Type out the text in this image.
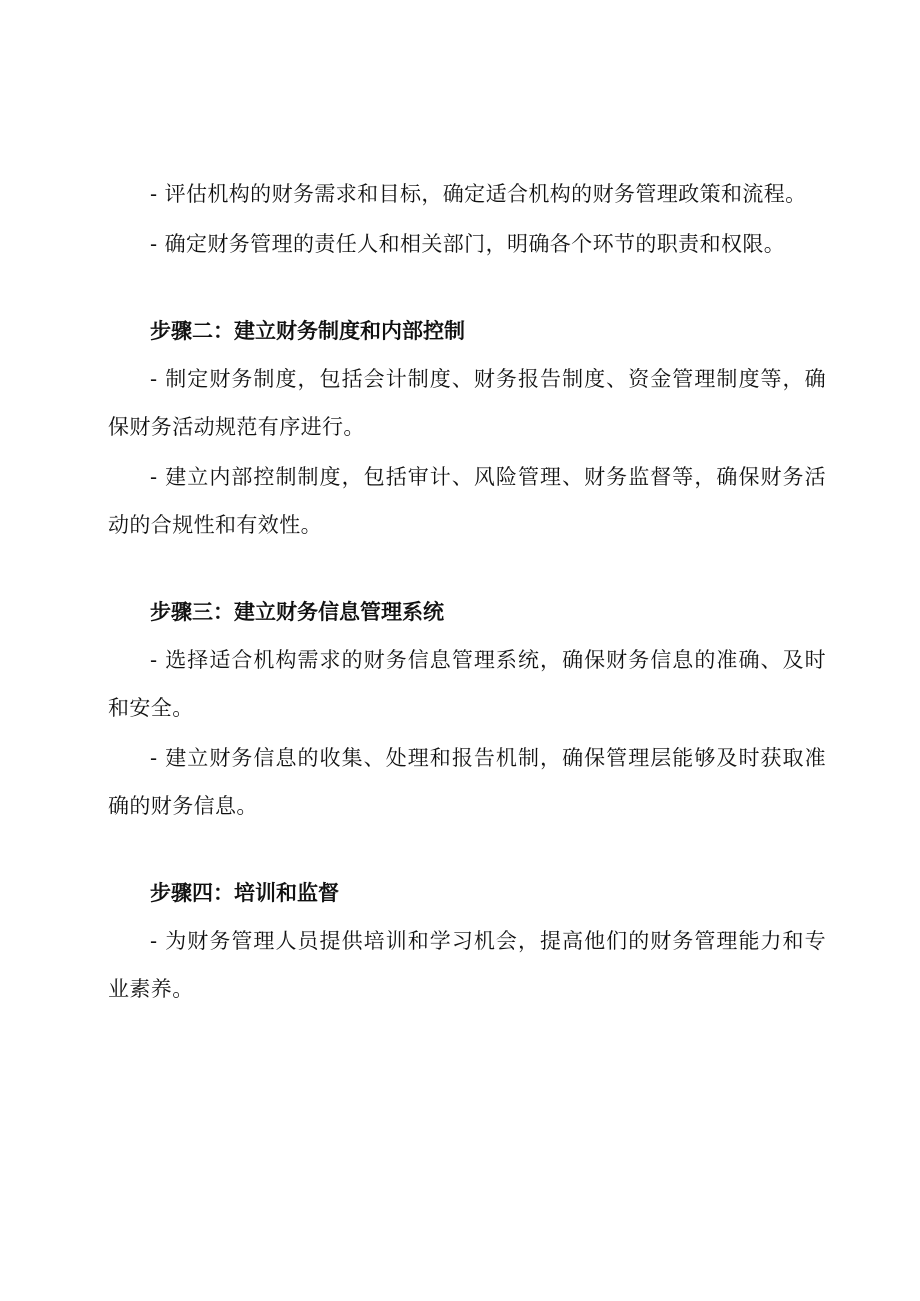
- 评估机构的财务需求和目标，确定适合机构的财务管理政策和流程。

- 确定财务管理的责任人和相关部门，明确各个环节的职责和权限。

步骤二：建立财务制度和内部控制

- 制定财务制度，包括会计制度、财务报告制度、资金管理制度等，确保财务活动规范有序进行。

- 建立内部控制制度，包括审计、风险管理、财务监督等，确保财务活动的合规性和有效性。

步骤三：建立财务信息管理系统

- 选择适合机构需求的财务信息管理系统，确保财务信息的准确、及时和安全。

- 建立财务信息的收集、处理和报告机制，确保管理层能够及时获取准确的财务信息。

步骤四：培训和监督

- 为财务管理人员提供培训和学习机会，提高他们的财务管理能力和专业素养。
